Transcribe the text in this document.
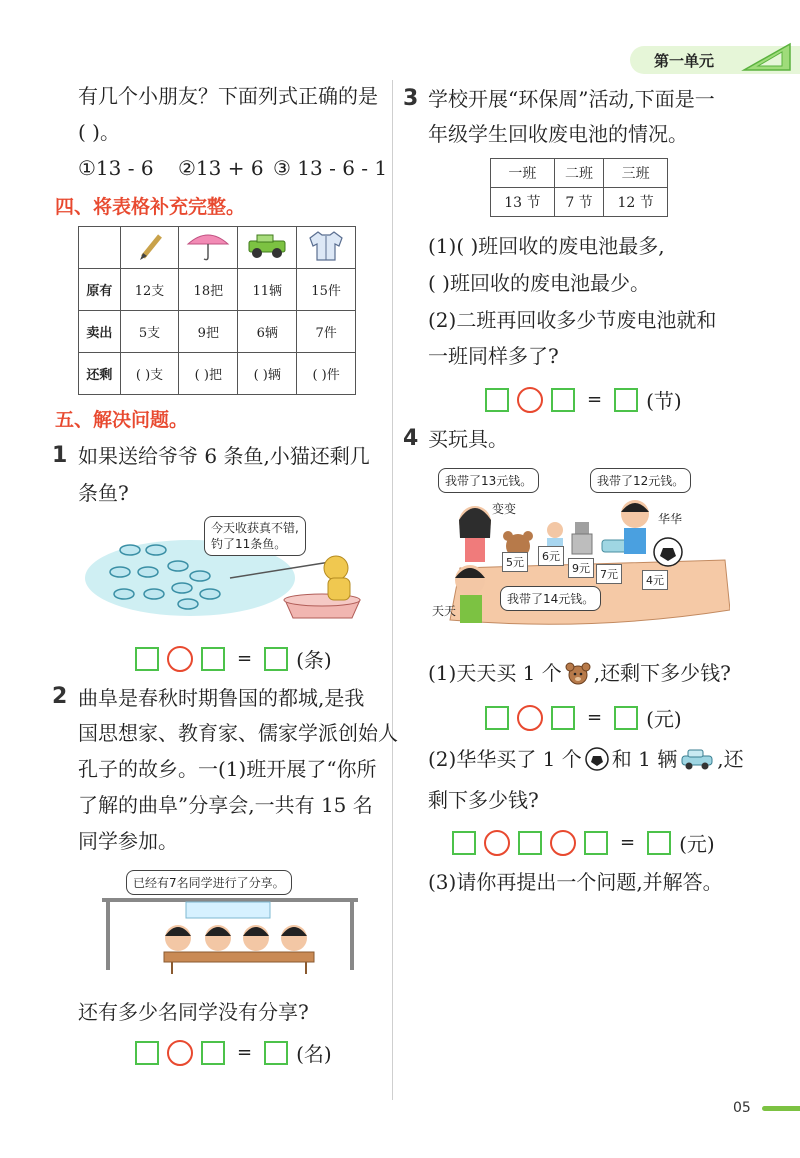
第一单元
有几个小朋友？下面列式正确的是
( )。
①13 - 6 ②13 + 6 ③ 13 - 6 - 1
四、将表格补充完整。

原有	12支	18把	11辆	15件
卖出	5支	9把	6辆	7件
还剩	( )支	( )把	( )辆	( )件
五、解决问题。
1 如果送给爷爷 6 条鱼,小猫还剩几
条鱼?
今天收获真不错,
钓了11条鱼。
= (条)
2 曲阜是春秋时期鲁国的都城,是我
国思想家、教育家、儒家学派创始人
孔子的故乡。一(1)班开展了“你所
了解的曲阜”分享会,一共有 15 名
同学参加。
已经有7名同学进行了分享。
还有多少名同学没有分享?
= (名)
3 学校开展“环保周”活动,下面是一
年级学生回收废电池的情况。
一班	二班	三班
13 节	7 节	12 节
(1)( )班回收的废电池最多,
( )班回收的废电池最少。
(2)二班再回收多少节废电池就和
一班同样多了?
= (节)
4 买玩具。
我带了13元钱。	我带了12元钱。
我带了14元钱。
变变
华华
天天
5元	6元
9元 7元	4元
(1)天天买 1 个 ,还剩下多少钱?
= (元)
(2)华华买了 1 个 和 1 辆 ,还
剩下多少钱?
= (元)
(3)请你再提出一个问题,并解答。
05
